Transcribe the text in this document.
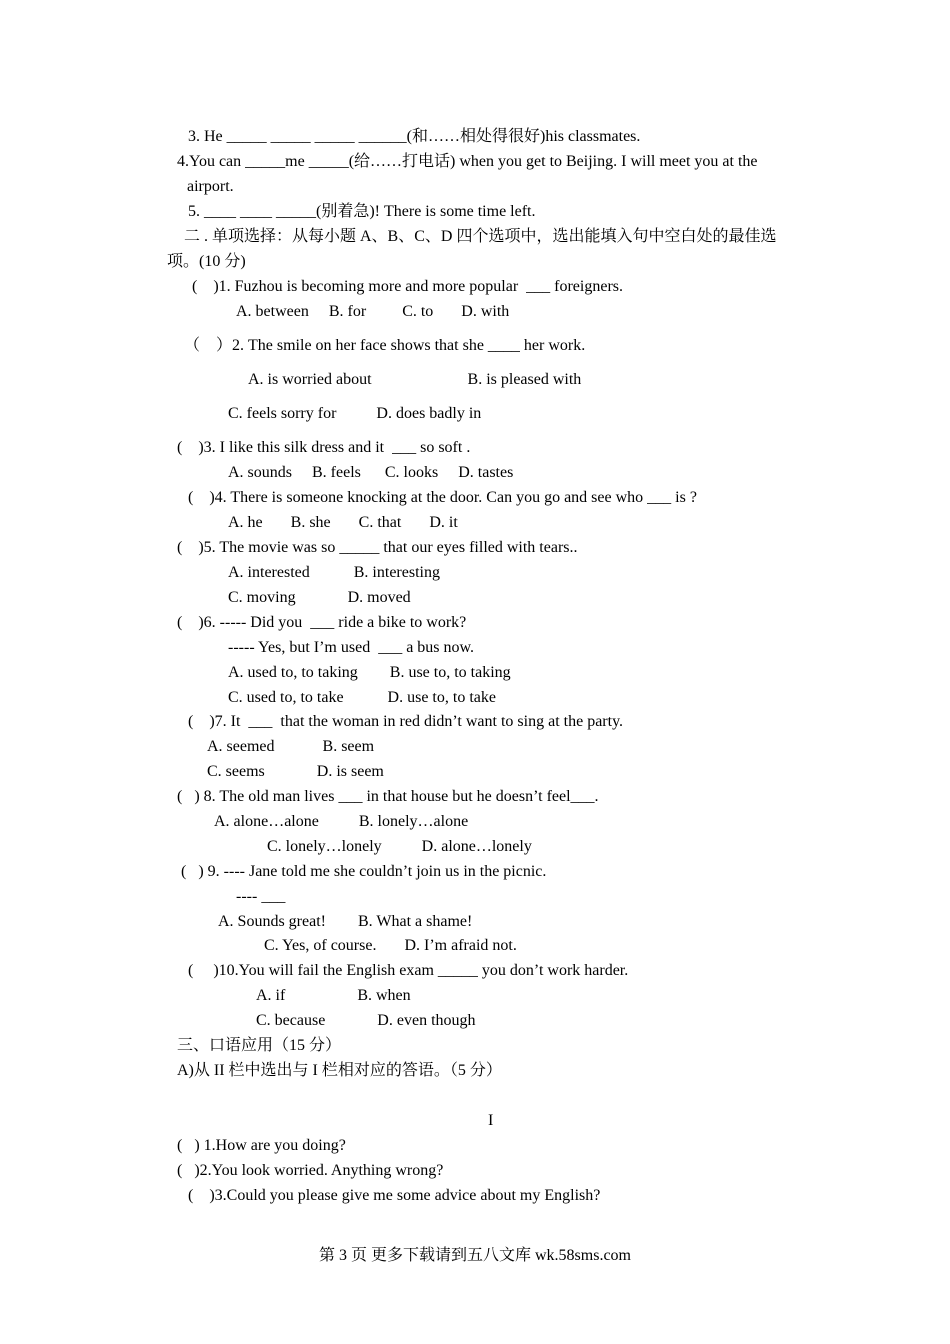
3. He _____ _____ _____ ______(和……相处得很好)his classmates.
4.You can _____me _____(给……打电话) when you get to Beijing. I will meet you at the
airport.
5. ____ ____ _____(别着急)! There is some time left.
二 . 单项选择：从每小题 A、B、C、D 四个选项中，选出能填入句中空白处的最佳选
项。(10 分)
(    )1. Fuzhou is becoming more and more popular  ___ foreigners.
A. between     B. for         C. to       D. with
（    ）2. The smile on her face shows that she ____ her work.
A. is worried about                        B. is pleased with
C. feels sorry for          D. does badly in
(    )3. I like this silk dress and it  ___ so soft .
A. sounds     B. feels      C. looks     D. tastes
(    )4. There is someone knocking at the door. Can you go and see who ___ is ?
A. he       B. she       C. that       D. it
(    )5. The movie was so _____ that our eyes filled with tears..
A. interested           B. interesting
C. moving             D. moved
(    )6. ----- Did you  ___ ride a bike to work?
----- Yes, but I’m used  ___ a bus now.
A. used to, to taking        B. use to, to taking
C. used to, to take           D. use to, to take
(    )7. It  ___  that the woman in red didn’t want to sing at the party.
A. seemed            B. seem
C. seems             D. is seem
(   ) 8. The old man lives ___ in that house but he doesn’t feel___.
A. alone…alone          B. lonely…alone
C. lonely…lonely          D. alone…lonely
(   ) 9. ---- Jane told me she couldn’t join us in the picnic.
---- ___
A. Sounds great!        B. What a shame!
C. Yes, of course.       D. I’m afraid not.
(     )10.You will fail the English exam _____ you don’t work harder.
A. if                  B. when
C. because             D. even though
三、口语应用（15 分）
A)从 II 栏中选出与 I 栏相对应的答语。（5 分）
I
(   ) 1.How are you doing?
(   )2.You look worried. Anything wrong?
(    )3.Could you please give me some advice about my English?
第 3 页 更多下载请到五八文库 wk.58sms.com
